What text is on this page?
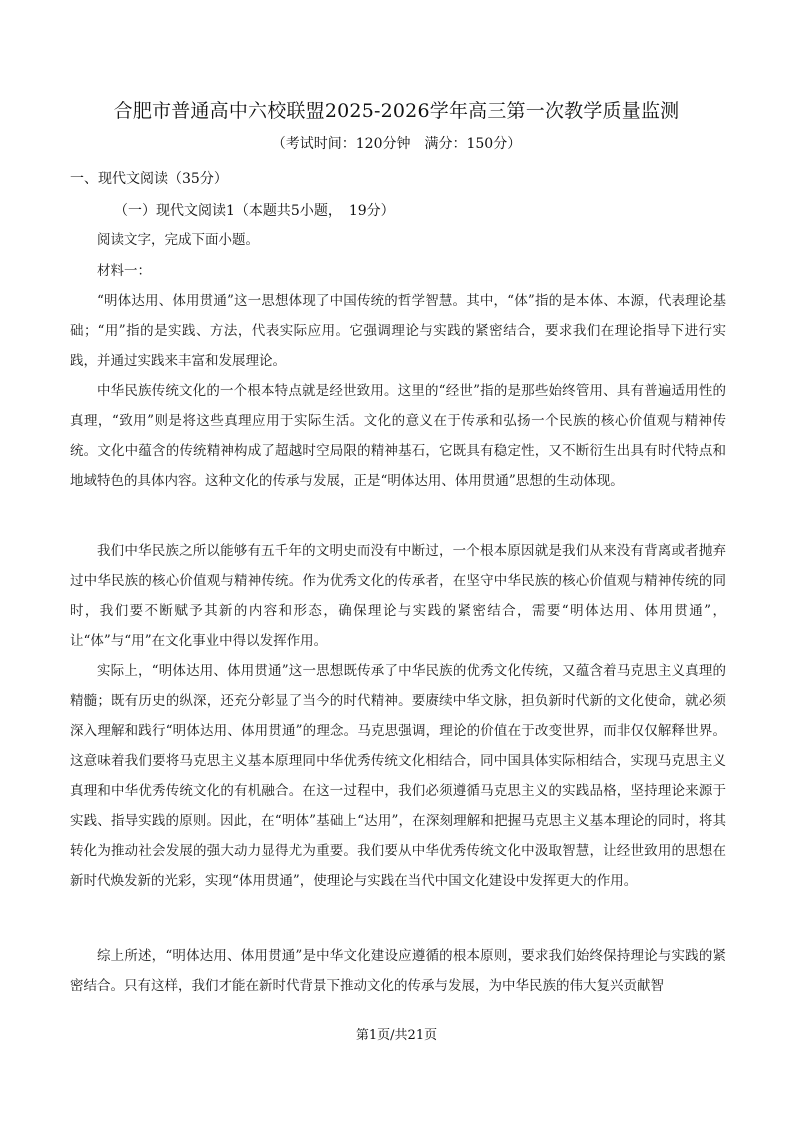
合肥市普通高中六校联盟2025-2026学年高三第一次教学质量监测
（考试时间：120分钟　满分：150分）
一、现代文阅读（35分）
（一）现代文阅读1（本题共5小题，　19分）

阅读文字，完成下面小题。

材料一：

“明体达用、体用贯通”这一思想体现了中国传统的哲学智慧。其中，“体”指的是本体、本源，代表理论基础；“用”指的是实践、方法，代表实际应用。它强调理论与实践的紧密结合，要求我们在理论指导下进行实践，并通过实践来丰富和发展理论。

中华民族传统文化的一个根本特点就是经世致用。这里的“经世”指的是那些始终管用、具有普遍适用性的真理，“致用”则是将这些真理应用于实际生活。文化的意义在于传承和弘扬一个民族的核心价值观与精神传统。文化中蕴含的传统精神构成了超越时空局限的精神基石，它既具有稳定性，又不断衍生出具有时代特点和地域特色的具体内容。这种文化的传承与发展，正是“明体达用、体用贯通”思想的生动体现。

我们中华民族之所以能够有五千年的文明史而没有中断过，一个根本原因就是我们从来没有背离或者抛弃过中华民族的核心价值观与精神传统。作为优秀文化的传承者，在坚守中华民族的核心价值观与精神传统的同时，我们要不断赋予其新的内容和形态，确保理论与实践的紧密结合，需要“明体达用、体用贯通”，让“体”与“用”在文化事业中得以发挥作用。

实际上，“明体达用、体用贯通”这一思想既传承了中华民族的优秀文化传统，又蕴含着马克思主义真理的精髓；既有历史的纵深，还充分彰显了当今的时代精神。要赓续中华文脉，担负新时代新的文化使命，就必须深入理解和践行“明体达用、体用贯通”的理念。马克思强调，理论的价值在于改变世界，而非仅仅解释世界。这意味着我们要将马克思主义基本原理同中华优秀传统文化相结合，同中国具体实际相结合，实现马克思主义真理和中华优秀传统文化的有机融合。在这一过程中，我们必须遵循马克思主义的实践品格，坚持理论来源于实践、指导实践的原则。因此，在“明体”基础上“达用”，在深刻理解和把握马克思主义基本理论的同时，将其转化为推动社会发展的强大动力显得尤为重要。我们要从中华优秀传统文化中汲取智慧，让经世致用的思想在新时代焕发新的光彩，实现“体用贯通”，使理论与实践在当代中国文化建设中发挥更大的作用。

综上所述，“明体达用、体用贯通”是中华文化建设应遵循的根本原则，要求我们始终保持理论与实践的紧密结合。只有这样，我们才能在新时代背景下推动文化的传承与发展，为中华民族的伟大复兴贡献智

第1页/共21页
